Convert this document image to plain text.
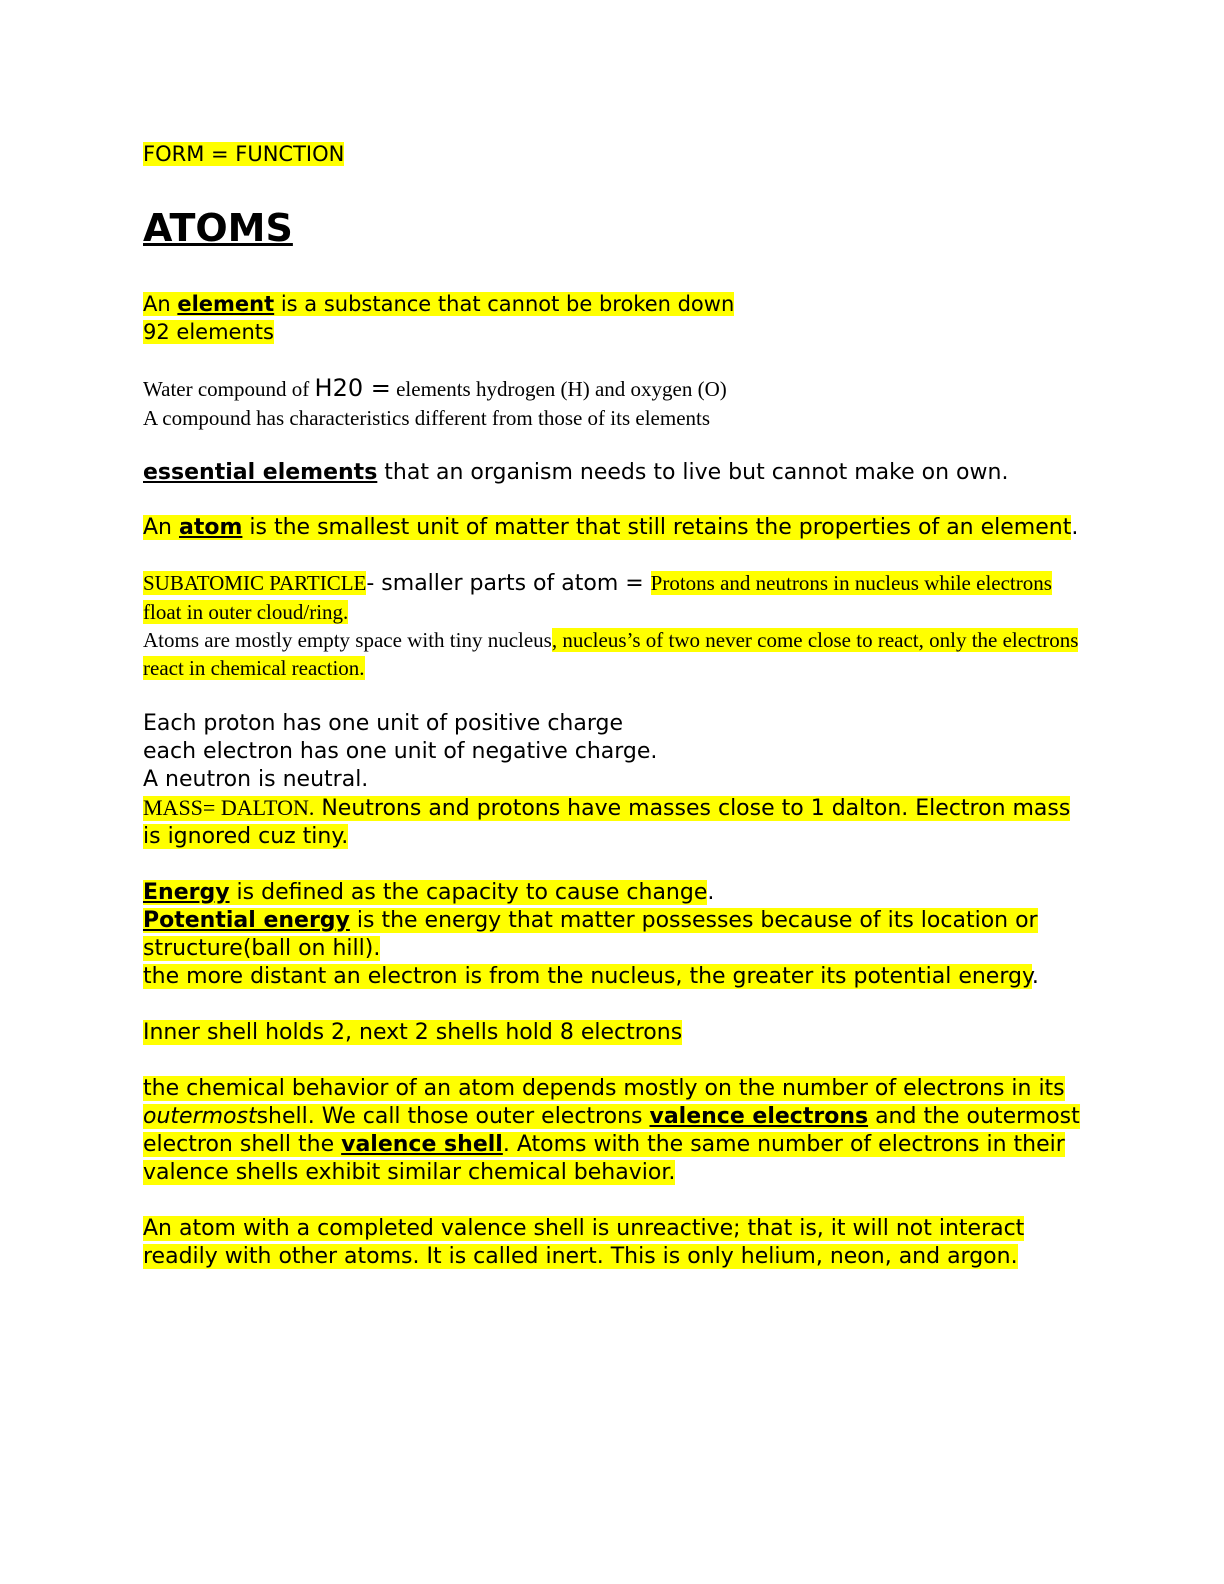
FORM = FUNCTION

ATOMS

An element is a substance that cannot be broken down

92 elements

Water compound of H20 = elements hydrogen (H) and oxygen (O)

A compound has characteristics different from those of its elements

essential elements that an organism needs to live but cannot make on own.

An atom is the smallest unit of matter that still retains the properties of an element.

SUBATOMIC PARTICLE- smaller parts of atom = Protons and neutrons in nucleus while electrons float in outer cloud/ring.

Atoms are mostly empty space with tiny nucleus, nucleus’s of two never come close to react, only the electrons react in chemical reaction.

Each proton has one unit of positive charge

each electron has one unit of negative charge.

A neutron is neutral.

MASS= DALTON. Neutrons and protons have masses close to 1 dalton. Electron mass is ignored cuz tiny.

Energy is defined as the capacity to cause change.

Potential energy is the energy that matter possesses because of its location or structure(ball on hill).

the more distant an electron is from the nucleus, the greater its potential energy.

Inner shell holds 2, next 2 shells hold 8 electrons

the chemical behavior of an atom depends mostly on the number of electrons in its outermostshell. We call those outer electrons valence electrons and the outermost electron shell the valence shell. Atoms with the same number of electrons in their valence shells exhibit similar chemical behavior.

An atom with a completed valence shell is unreactive; that is, it will not interact readily with other atoms. It is called inert. This is only helium, neon, and argon.
